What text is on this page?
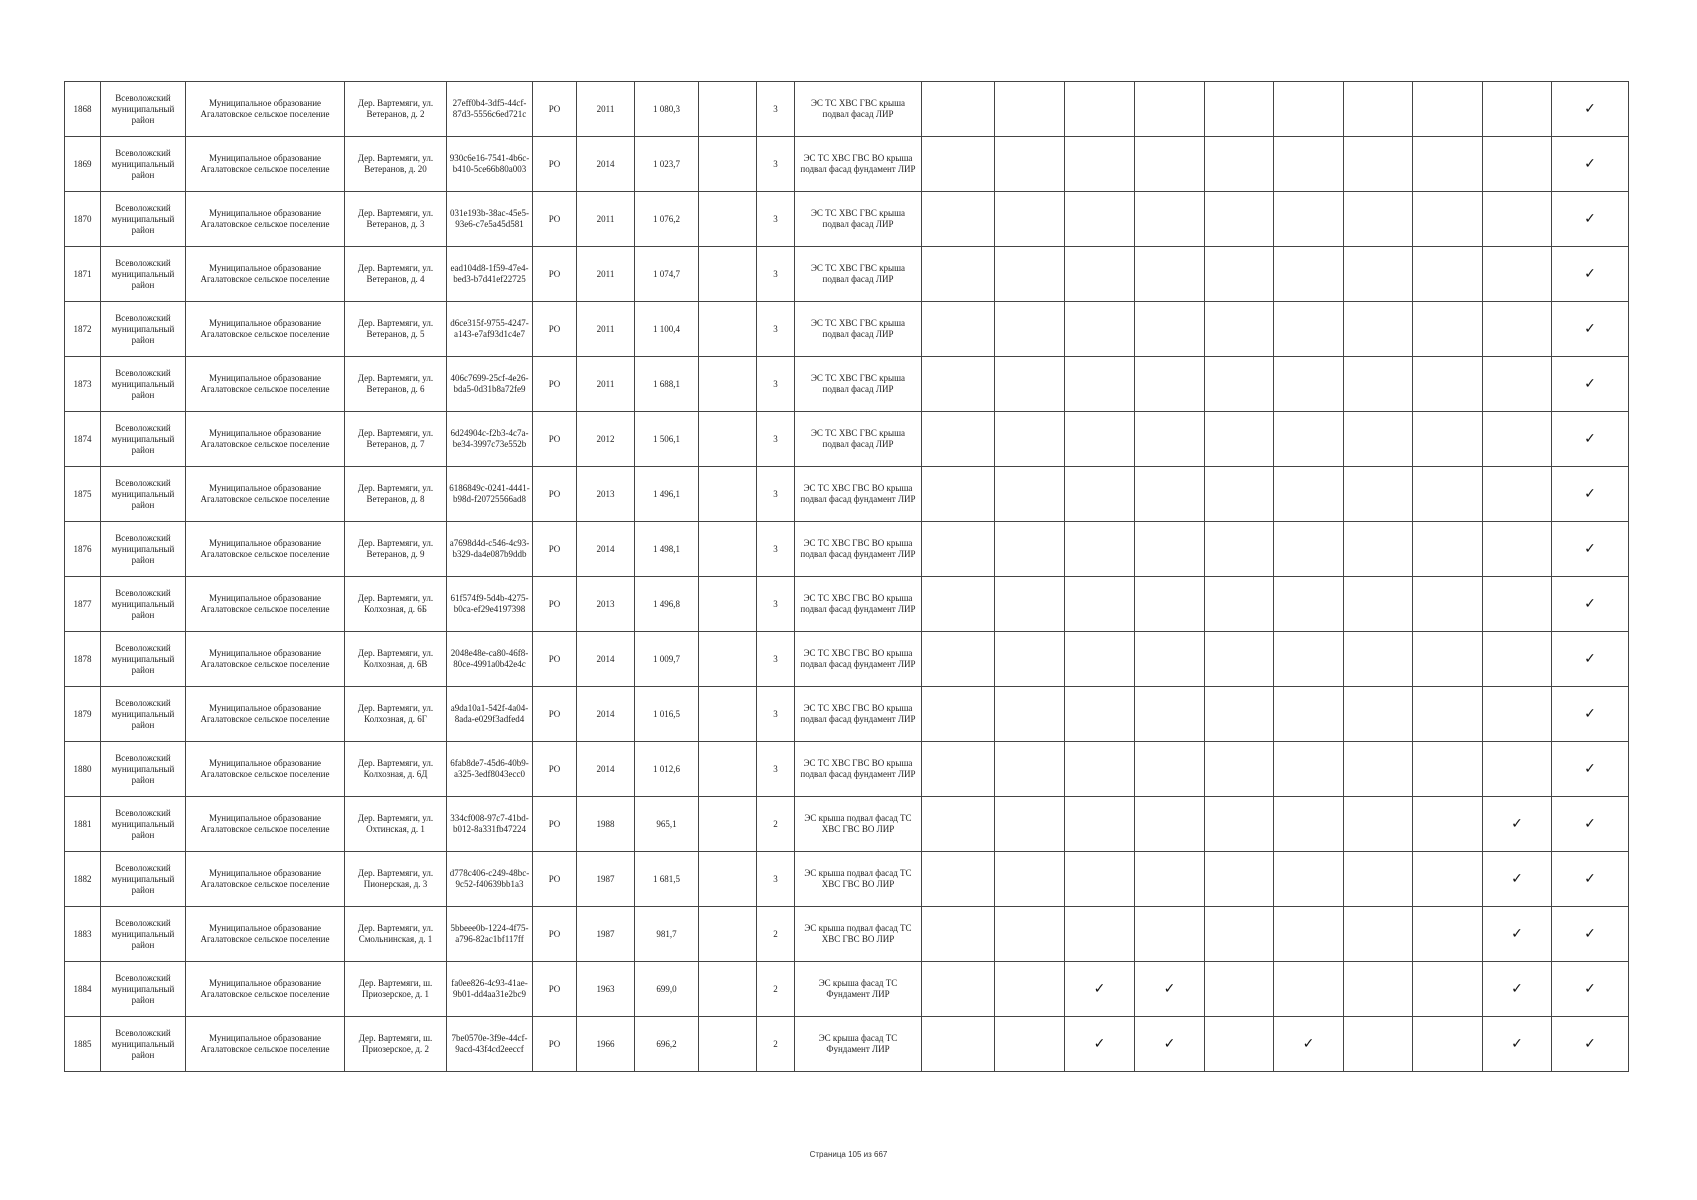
1868	Всеволожский муниципальный район	Муниципальное образование Агалатовское сельское поселение	Дер. Вартемяги, ул. Ветеранов, д. 2	27eff0b4-3df5-44cf-87d3-5556c6ed721c	РО	2011	1 080,3		3	ЭС ТС ХВС ГВС крыша подвал фасад ЛИР										✓
1869	Всеволожский муниципальный район	Муниципальное образование Агалатовское сельское поселение	Дер. Вартемяги, ул. Ветеранов, д. 20	930c6e16-7541-4b6c-b410-5ce66b80a003	РО	2014	1 023,7		3	ЭС ТС ХВС ГВС ВО крыша подвал фасад фундамент ЛИР										✓
1870	Всеволожский муниципальный район	Муниципальное образование Агалатовское сельское поселение	Дер. Вартемяги, ул. Ветеранов, д. 3	031e193b-38ac-45e5-93e6-c7e5a45d581	РО	2011	1 076,2		3	ЭС ТС ХВС ГВС крыша подвал фасад ЛИР										✓
1871	Всеволожский муниципальный район	Муниципальное образование Агалатовское сельское поселение	Дер. Вартемяги, ул. Ветеранов, д. 4	ead104d8-1f59-47e4-bed3-b7d41ef22725	РО	2011	1 074,7		3	ЭС ТС ХВС ГВС крыша подвал фасад ЛИР										✓
1872	Всеволожский муниципальный район	Муниципальное образование Агалатовское сельское поселение	Дер. Вартемяги, ул. Ветеранов, д. 5	d6ce315f-9755-4247-a143-e7af93d1c4e7	РО	2011	1 100,4		3	ЭС ТС ХВС ГВС крыша подвал фасад ЛИР										✓
1873	Всеволожский муниципальный район	Муниципальное образование Агалатовское сельское поселение	Дер. Вартемяги, ул. Ветеранов, д. 6	406c7699-25cf-4e26-bda5-0d31b8a72fe9	РО	2011	1 688,1		3	ЭС ТС ХВС ГВС крыша подвал фасад ЛИР										✓
1874	Всеволожский муниципальный район	Муниципальное образование Агалатовское сельское поселение	Дер. Вартемяги, ул. Ветеранов, д. 7	6d24904c-f2b3-4c7a-be34-3997c73e552b	РО	2012	1 506,1		3	ЭС ТС ХВС ГВС крыша подвал фасад ЛИР										✓
1875	Всеволожский муниципальный район	Муниципальное образование Агалатовское сельское поселение	Дер. Вартемяги, ул. Ветеранов, д. 8	6186849c-0241-4441-b98d-f20725566ad8	РО	2013	1 496,1		3	ЭС ТС ХВС ГВС ВО крыша подвал фасад фундамент ЛИР										✓
1876	Всеволожский муниципальный район	Муниципальное образование Агалатовское сельское поселение	Дер. Вартемяги, ул. Ветеранов, д. 9	a7698d4d-c546-4c93-b329-da4e087b9ddb	РО	2014	1 498,1		3	ЭС ТС ХВС ГВС ВО крыша подвал фасад фундамент ЛИР										✓
1877	Всеволожский муниципальный район	Муниципальное образование Агалатовское сельское поселение	Дер. Вартемяги, ул. Колхозная, д. 6Б	61f574f9-5d4b-4275-b0ca-ef29e4197398	РО	2013	1 496,8		3	ЭС ТС ХВС ГВС ВО крыша подвал фасад фундамент ЛИР										✓
1878	Всеволожский муниципальный район	Муниципальное образование Агалатовское сельское поселение	Дер. Вартемяги, ул. Колхозная, д. 6В	2048e48e-ca80-46f8-80ce-4991a0b42e4c	РО	2014	1 009,7		3	ЭС ТС ХВС ГВС ВО крыша подвал фасад фундамент ЛИР										✓
1879	Всеволожский муниципальный район	Муниципальное образование Агалатовское сельское поселение	Дер. Вартемяги, ул. Колхозная, д. 6Г	a9da10a1-542f-4a04-8ada-e029f3adfed4	РО	2014	1 016,5		3	ЭС ТС ХВС ГВС ВО крыша подвал фасад фундамент ЛИР										✓
1880	Всеволожский муниципальный район	Муниципальное образование Агалатовское сельское поселение	Дер. Вартемяги, ул. Колхозная, д. 6Д	6fab8de7-45d6-40b9-a325-3edf8043ecc0	РО	2014	1 012,6		3	ЭС ТС ХВС ГВС ВО крыша подвал фасад фундамент ЛИР										✓
1881	Всеволожский муниципальный район	Муниципальное образование Агалатовское сельское поселение	Дер. Вартемяги, ул. Охтинская, д. 1	334cf008-97c7-41bd-b012-8a331fb47224	РО	1988	965,1		2	ЭС крыша подвал фасад ТС ХВС ГВС ВО ЛИР									✓	✓
1882	Всеволожский муниципальный район	Муниципальное образование Агалатовское сельское поселение	Дер. Вартемяги, ул. Пионерская, д. 3	d778c406-c249-48bc-9c52-f40639bb1a3	РО	1987	1 681,5		3	ЭС крыша подвал фасад ТС ХВС ГВС ВО ЛИР									✓	✓
1883	Всеволожский муниципальный район	Муниципальное образование Агалатовское сельское поселение	Дер. Вартемяги, ул. Смольнинская, д. 1	5bbeee0b-1224-4f75-a796-82ac1bf117ff	РО	1987	981,7		2	ЭС крыша подвал фасад ТС ХВС ГВС ВО ЛИР									✓	✓
1884	Всеволожский муниципальный район	Муниципальное образование Агалатовское сельское поселение	Дер. Вартемяги, ш. Приозерское, д. 1	fa0ee826-4c93-41ae-9b01-dd4aa31e2bc9	РО	1963	699,0		2	ЭС крыша фасад ТС Фундамент ЛИР			✓	✓					✓	✓
1885	Всеволожский муниципальный район	Муниципальное образование Агалатовское сельское поселение	Дер. Вартемяги, ш. Приозерское, д. 2	7be0570e-3f9e-44cf-9acd-43f4cd2eeccf	РО	1966	696,2		2	ЭС крыша фасад ТС Фундамент ЛИР			✓	✓		✓			✓	✓
Страница 105 из 667
